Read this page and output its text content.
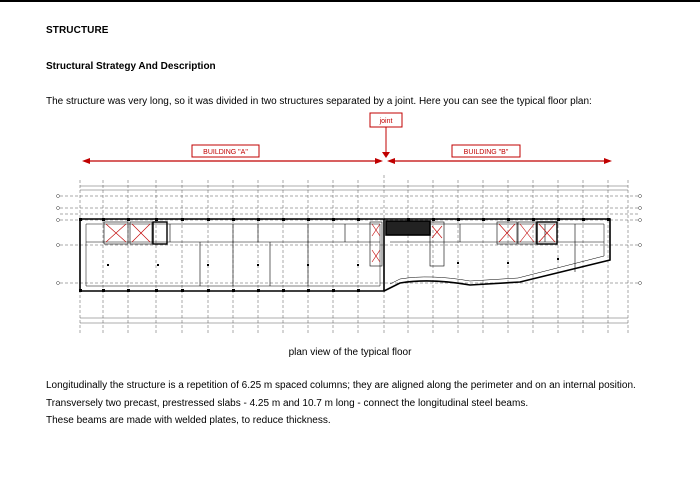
STRUCTURE
Structural Strategy And Description
The structure was very long, so it was divided in two structures separated by a joint. Here you can see the typical floor plan:
joint
BUILDING "A"	BUILDING "B"
plan view of the typical floor
Longitudinally the structure is a repetition of 6.25 m spaced columns; they are aligned along the perimeter and on an internal position.
Transversely two precast, prestressed slabs - 4.25 m and 10.7 m long - connect the longitudinal steel beams.
These beams are made with welded plates, to reduce thickness.
